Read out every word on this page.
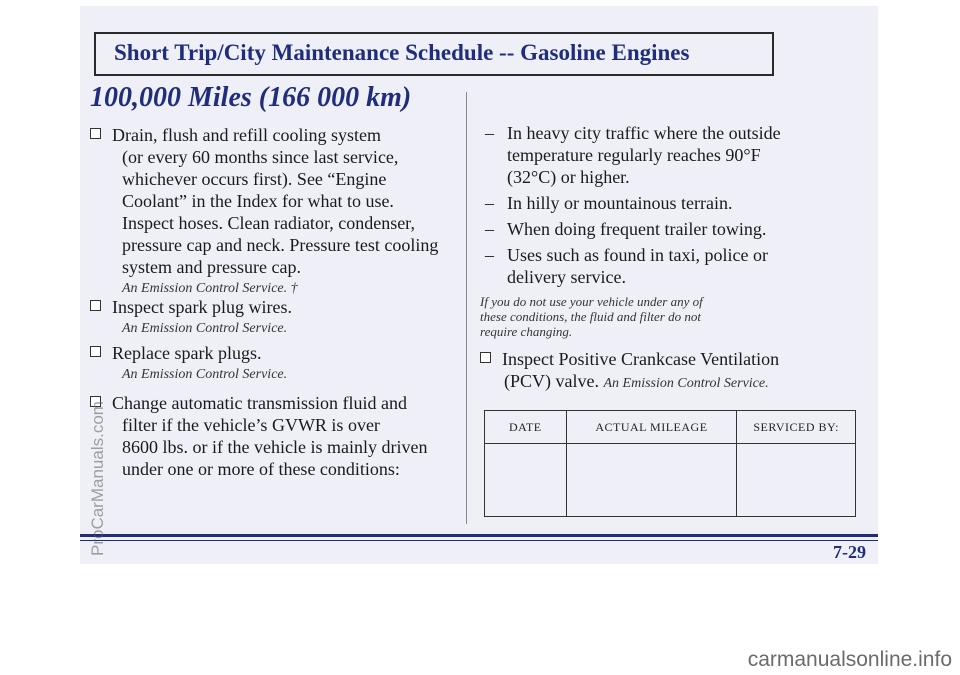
Short Trip/City Maintenance Schedule -- Gasoline Engines
100,000 Miles (166 000 km)
Drain, flush and refill cooling system
(or every 60 months since last service,
whichever occurs first). See “Engine
Coolant” in the Index for what to use.
Inspect hoses. Clean radiator, condenser,
pressure cap and neck. Pressure test cooling
system and pressure cap.
An Emission Control Service. †
Inspect spark plug wires.
An Emission Control Service.
Replace spark plugs.
An Emission Control Service.
Change automatic transmission fluid and
filter if the vehicle’s GVWR is over
8600 lbs. or if the vehicle is mainly driven
under one or more of these conditions:
– In heavy city traffic where the outside
temperature regularly reaches 90°F
(32°C) or higher.
– In hilly or mountainous terrain.
– When doing frequent trailer towing.
– Uses such as found in taxi, police or
delivery service.
If you do not use your vehicle under any of
these conditions, the fluid and filter do not
require changing.
Inspect Positive Crankcase Ventilation
(PCV) valve. An Emission Control Service.
DATE	ACTUAL MILEAGE	SERVICED BY:

7-29
ProCarManuals.com
carmanualsonline.info
